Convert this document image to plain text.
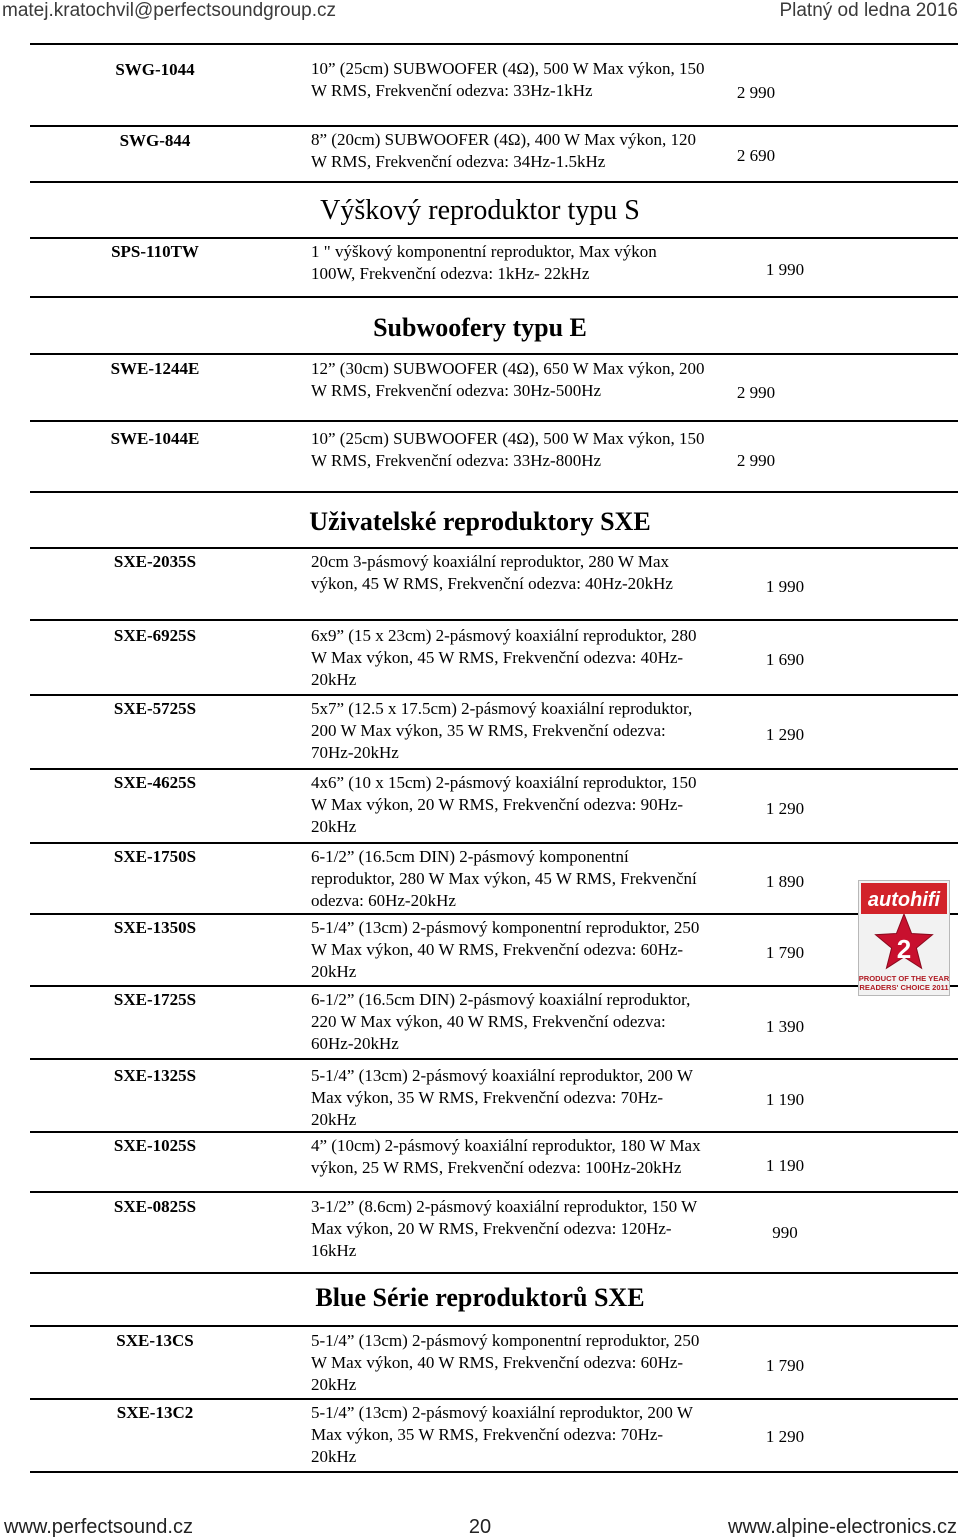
matej.kratochvil@perfectsoundgroup.cz	Platný od ledna 2016
SWG-1044	10” (25cm) SUBWOOFER (4Ω), 500 W Max výkon, 150
W RMS, Frekvenční odezva: 33Hz-1kHz	2 990
SWG-844	8” (20cm) SUBWOOFER (4Ω), 400 W Max výkon, 120
W RMS, Frekvenční odezva: 34Hz-1.5kHz	2 690
Výškový reproduktor typu S
SPS-110TW	1 " výškový komponentní reproduktor, Max výkon
100W, Frekvenční odezva: 1kHz- 22kHz	1 990
Subwoofery typu E
SWE-1244E	12” (30cm) SUBWOOFER (4Ω), 650 W Max výkon, 200
W RMS, Frekvenční odezva: 30Hz-500Hz	2 990
SWE-1044E	10” (25cm) SUBWOOFER (4Ω), 500 W Max výkon, 150
W RMS, Frekvenční odezva: 33Hz-800Hz	2 990
Uživatelské reproduktory SXE
SXE-2035S	20cm 3-pásmový koaxiální reproduktor, 280 W Max
výkon, 45 W RMS, Frekvenční odezva: 40Hz-20kHz	1 990
SXE-6925S	6x9” (15 x 23cm) 2-pásmový koaxiální reproduktor, 280
W Max výkon, 45 W RMS, Frekvenční odezva: 40Hz-
20kHz
1 690
SXE-5725S	5x7” (12.5 x 17.5cm) 2-pásmový koaxiální reproduktor,
200 W Max výkon, 35 W RMS, Frekvenční odezva:
70Hz-20kHz
1 290
SXE-4625S	4x6” (10 x 15cm) 2-pásmový koaxiální reproduktor, 150
W Max výkon, 20 W RMS, Frekvenční odezva: 90Hz-
20kHz
1 290
SXE-1750S	6-1/2” (16.5cm DIN) 2-pásmový komponentní
reproduktor, 280 W Max výkon, 45 W RMS, Frekvenční
odezva: 60Hz-20kHz
1 890
SXE-1350S	5-1/4” (13cm) 2-pásmový komponentní reproduktor, 250
W Max výkon, 40 W RMS, Frekvenční odezva: 60Hz-
20kHz
1 790
SXE-1725S	6-1/2” (16.5cm DIN) 2-pásmový koaxiální reproduktor,
220 W Max výkon, 40 W RMS, Frekvenční odezva:
60Hz-20kHz
1 390
SXE-1325S	5-1/4” (13cm) 2-pásmový koaxiální reproduktor, 200 W
Max výkon, 35 W RMS, Frekvenční odezva: 70Hz-
20kHz
1 190
SXE-1025S	4” (10cm) 2-pásmový koaxiální reproduktor, 180 W Max
výkon, 25 W RMS, Frekvenční odezva: 100Hz-20kHz	1 190
SXE-0825S	3-1/2” (8.6cm) 2-pásmový koaxiální reproduktor, 150 W
Max výkon, 20 W RMS, Frekvenční odezva: 120Hz-
16kHz
990
Blue Série reproduktorů SXE
SXE-13CS	5-1/4” (13cm) 2-pásmový komponentní reproduktor, 250
W Max výkon, 40 W RMS, Frekvenční odezva: 60Hz-
20kHz
1 790
SXE-13C2	5-1/4” (13cm) 2-pásmový koaxiální reproduktor, 200 W
Max výkon, 35 W RMS, Frekvenční odezva: 70Hz-
20kHz
1 290
autohifi
2
PRODUCT OF THE YEAR
READERS' CHOICE 2011
www.perfectsound.cz	20	www.alpine-electronics.cz
